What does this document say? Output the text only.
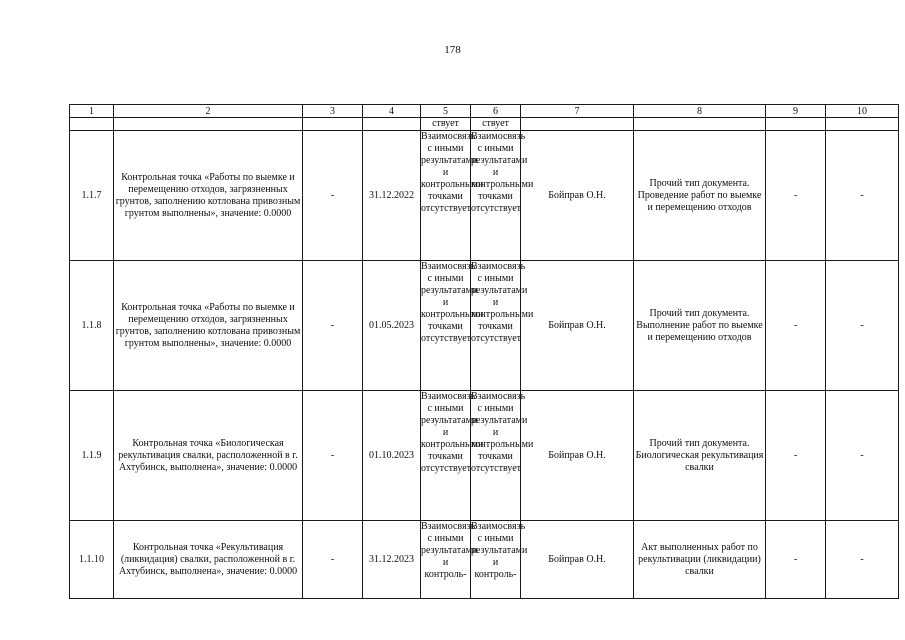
178
1	2	3	4	5	6	7	8	9	10
				ствует	ствует				
1.1.7	Контрольная точка «Работы по выемке и перемещению отходов, загрязненных грунтов, заполнению котлована привозным грунтом выполнены», значение: 0.0000	-	31.12.2022	Взаимосвязь с иными результатами и контрольными точками отсутствует	Взаимосвязь с иными результатами и контрольными точками отсутствует	Бойправ О.Н.	Прочий тип документа. Проведение работ по выемке и перемещению отходов	-	-
1.1.8	Контрольная точка «Работы по выемке и перемещению отходов, загрязненных грунтов, заполнению котлована привозным грунтом выполнены», значение: 0.0000	-	01.05.2023	Взаимосвязь с иными результатами и контрольными точками отсутствует	Взаимосвязь с иными результатами и контрольными точками отсутствует	Бойправ О.Н.	Прочий тип документа. Выполнение работ по выемке и перемещению отходов	-	-
1.1.9	Контрольная точка «Биологическая рекультивация свалки, расположенной в г. Ахтубинск, выполнена», значение: 0.0000	-	01.10.2023	Взаимосвязь с иными результатами и контрольными точками отсутствует	Взаимосвязь с иными результатами и контрольными точками отсутствует	Бойправ О.Н.	Прочий тип документа. Биологическая рекультивация свалки	-	-
1.1.10	Контрольная точка «Рекультивация (ликвидация) свалки, расположенной в г. Ахтубинск, выполнена», значение: 0.0000	-	31.12.2023	Взаимосвязь с иными результатами и контроль-	Взаимосвязь с иными результатами и контроль-	Бойправ О.Н.	Акт выполненных работ по рекультивации (ликвидации) свалки	-	-
